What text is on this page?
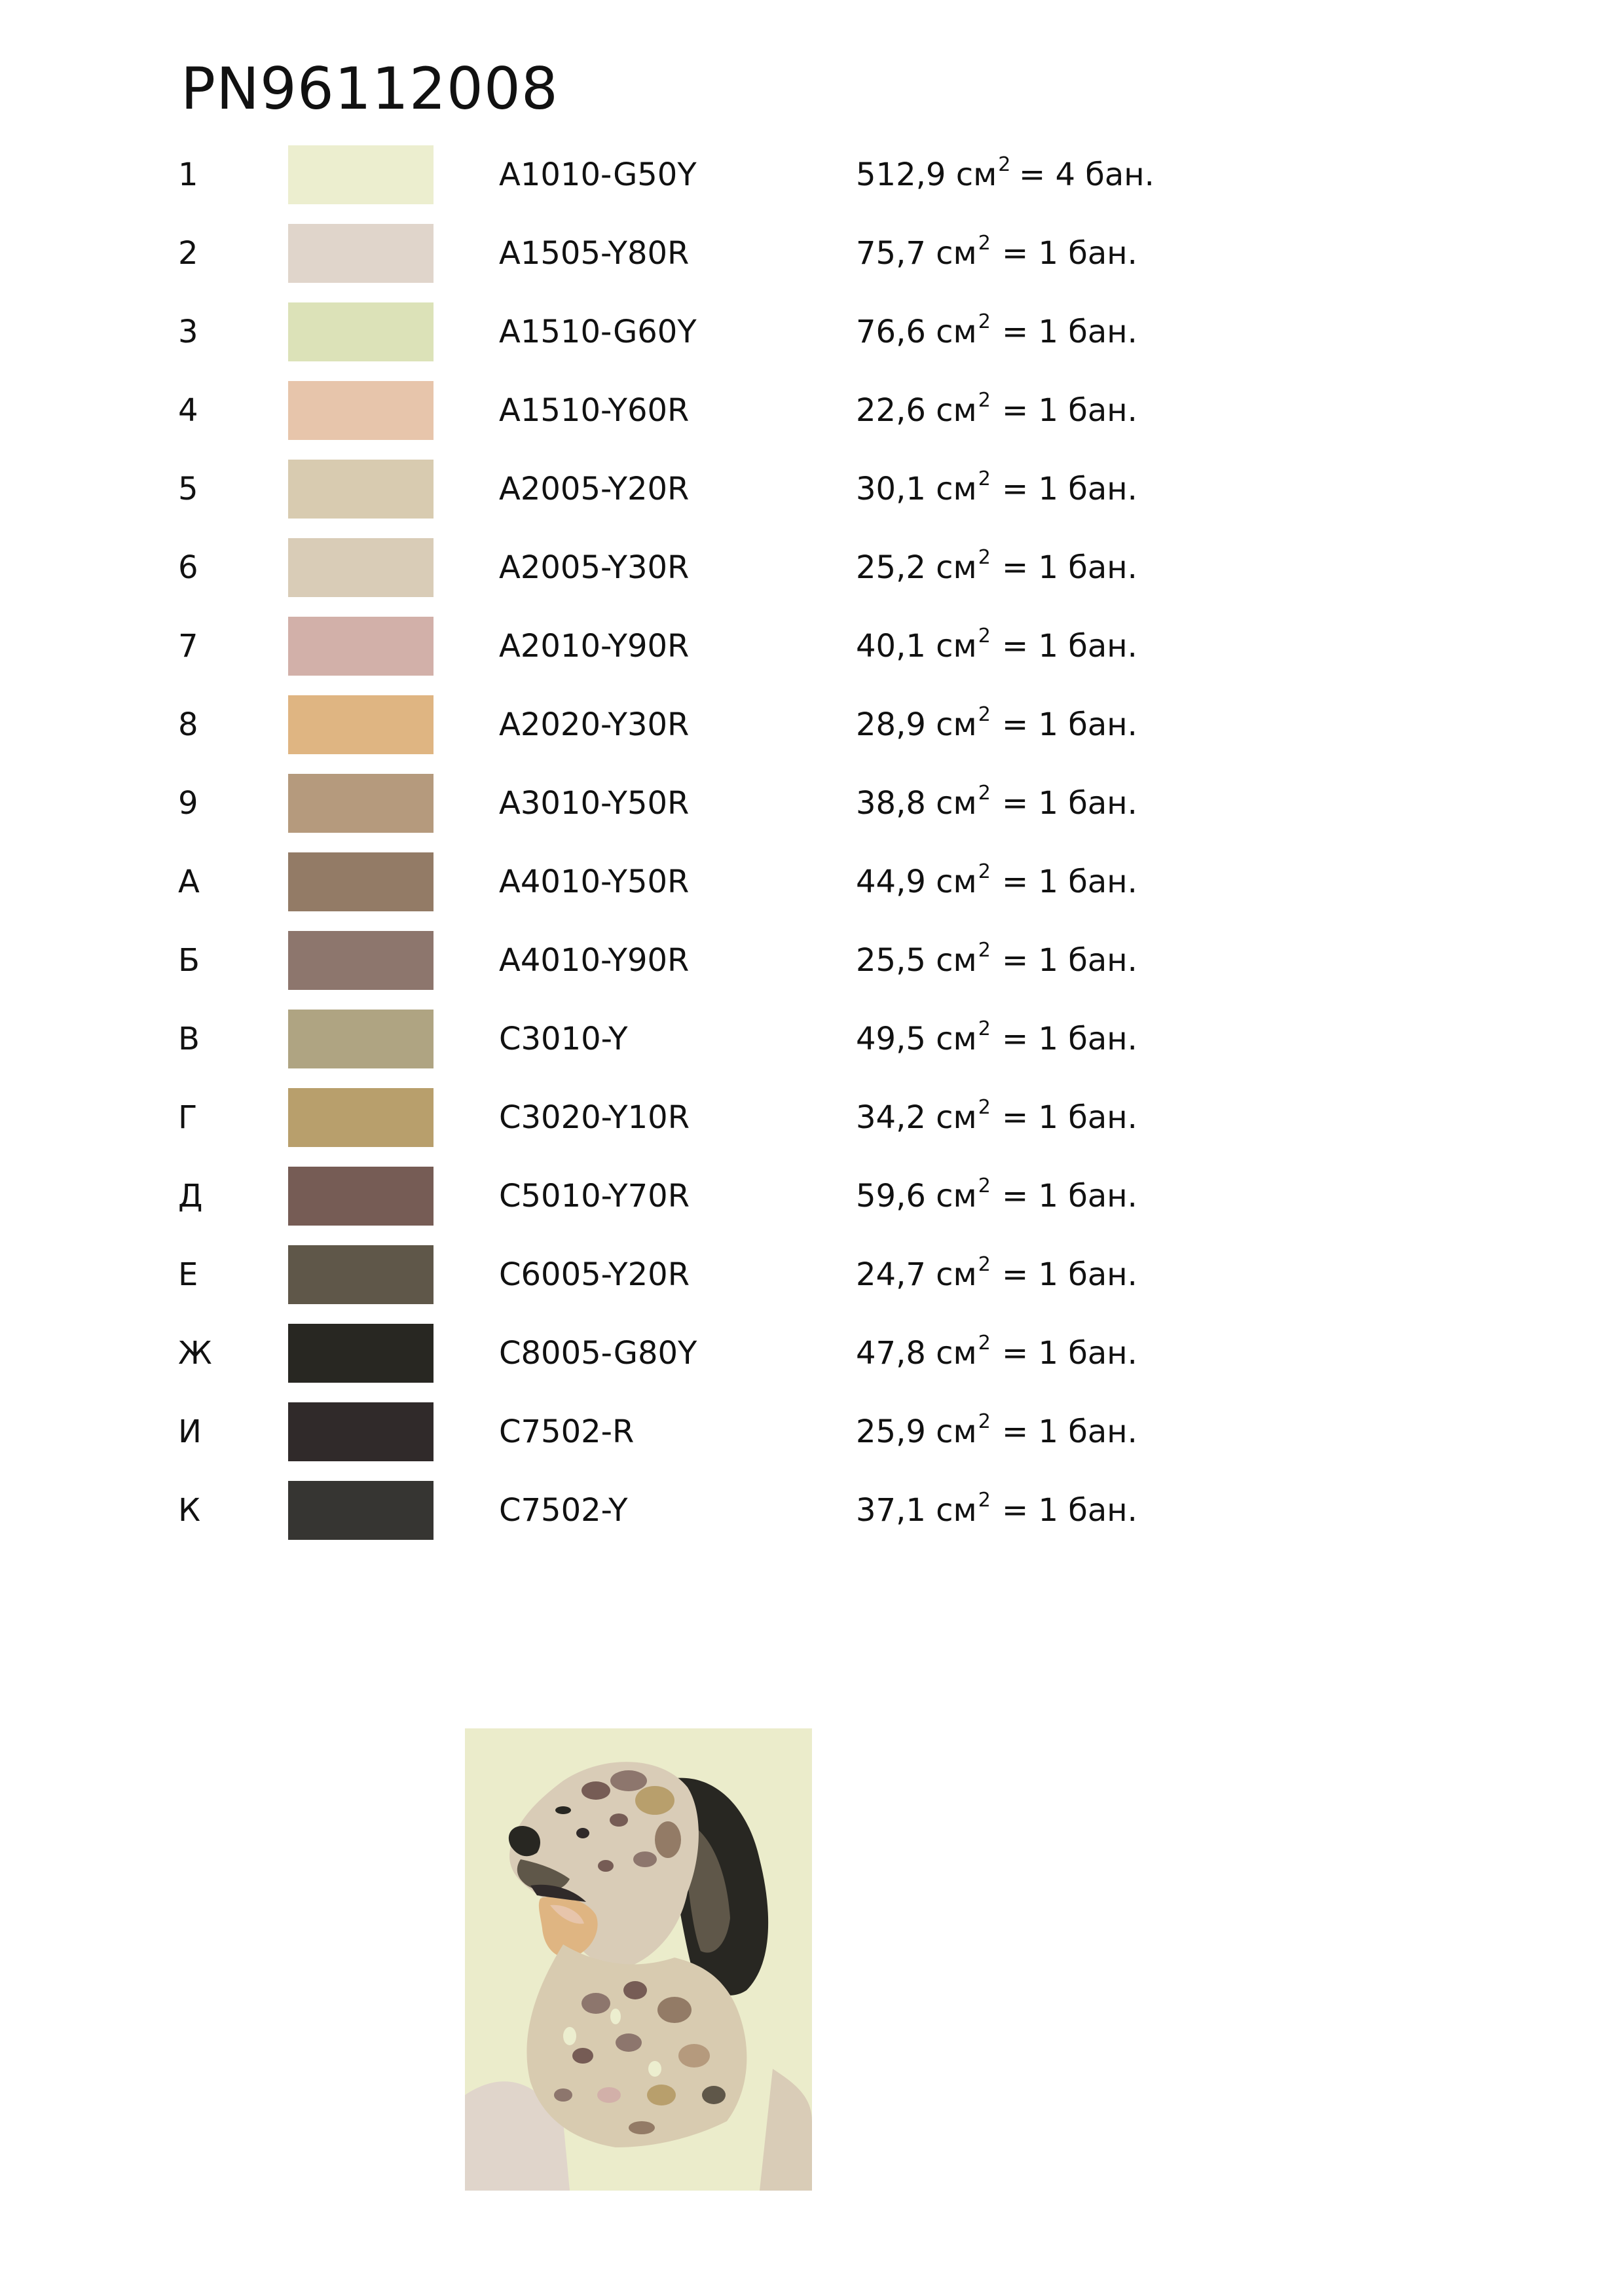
PN96112008
1	A1010-G50Y	512,9 $см^2 = 4$ бан.
2	A1505-Y80R	75,7 $см^2 = 1$ бан.
3	A1510-G60Y	76,6 $см^2 = 1$ бан.
4	A1510-Y60R	22,6 $см^2 = 1$ бан.
5	A2005-Y20R	30,1 $см^2 = 1$ бан.
6	A2005-Y30R	25,2 $см^2 = 1$ бан.
7	A2010-Y90R	40,1 $см^2 = 1$ бан.
8	A2020-Y30R	28,9 $см^2 = 1$ бан.
9	A3010-Y50R	38,8 $см^2 = 1$ бан.
А	A4010-Y50R	44,9 $см^2 = 1$ бан.
Б	A4010-Y90R	25,5 $см^2 = 1$ бан.
В	C3010-Y	49,5 $см^2 = 1$ бан.
Г	C3020-Y10R	34,2 $см^2 = 1$ бан.
Д	C5010-Y70R	59,6 $см^2 = 1$ бан.
Е	C6005-Y20R	24,7 $см^2 = 1$ бан.
Ж	C8005-G80Y	47,8 $см^2 = 1$ бан.
И	C7502-R	25,9 $см^2 = 1$ бан.
К	C7502-Y	37,1 $см^2 = 1$ бан.
